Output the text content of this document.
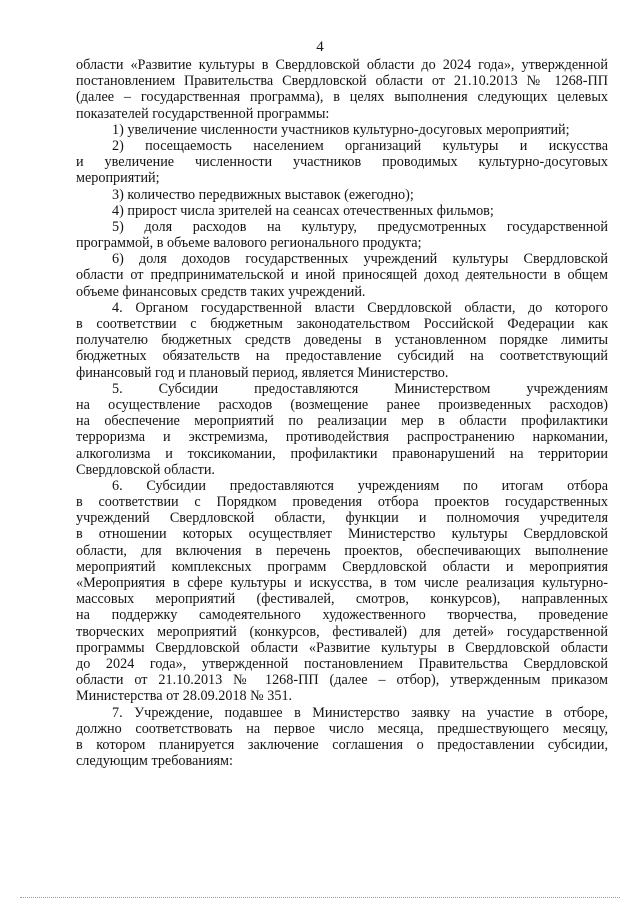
4
области «Развитие культуры в Свердловской области до 2024 года», утвержденной
постановлением Правительства Свердловской области от 21.10.2013 № 1268-ПП
(далее – государственная программа), в целях выполнения следующих целевых
показателей государственной программы:
1) увеличение численности участников культурно-досуговых мероприятий;
2) посещаемость населением организаций культуры и искусства
и увеличение численности участников проводимых культурно-досуговых
мероприятий;
3) количество передвижных выставок (ежегодно);
4) прирост числа зрителей на сеансах отечественных фильмов;
5) доля расходов на культуру, предусмотренных государственной
программой, в объеме валового регионального продукта;
6) доля доходов государственных учреждений культуры Свердловской
области от предпринимательской и иной приносящей доход деятельности в общем
объеме финансовых средств таких учреждений.
4. Органом государственной власти Свердловской области, до которого
в соответствии с бюджетным законодательством Российской Федерации как
получателю бюджетных средств доведены в установленном порядке лимиты
бюджетных обязательств на предоставление субсидий на соответствующий
финансовый год и плановый период, является Министерство.
5. Субсидии предоставляются Министерством учреждениям
на осуществление расходов (возмещение ранее произведенных расходов)
на обеспечение мероприятий по реализации мер в области профилактики
терроризма и экстремизма, противодействия распространению наркомании,
алкоголизма и токсикомании, профилактики правонарушений на территории
Свердловской области.
6. Субсидии предоставляются учреждениям по итогам отбора
в соответствии с Порядком проведения отбора проектов государственных
учреждений Свердловской области, функции и полномочия учредителя
в отношении которых осуществляет Министерство культуры Свердловской
области, для включения в перечень проектов, обеспечивающих выполнение
мероприятий комплексных программ Свердловской области и мероприятия
«Мероприятия в сфере культуры и искусства, в том числе реализация культурно-
массовых мероприятий (фестивалей, смотров, конкурсов), направленных
на поддержку самодеятельного художественного творчества, проведение
творческих мероприятий (конкурсов, фестивалей) для детей» государственной
программы Свердловской области «Развитие культуры в Свердловской области
до 2024 года», утвержденной постановлением Правительства Свердловской
области от 21.10.2013 № 1268-ПП (далее – отбор), утвержденным приказом
Министерства от 28.09.2018 № 351.
7. Учреждение, подавшее в Министерство заявку на участие в отборе,
должно соответствовать на первое число месяца, предшествующего месяцу,
в котором планируется заключение соглашения о предоставлении субсидии,
следующим требованиям:
